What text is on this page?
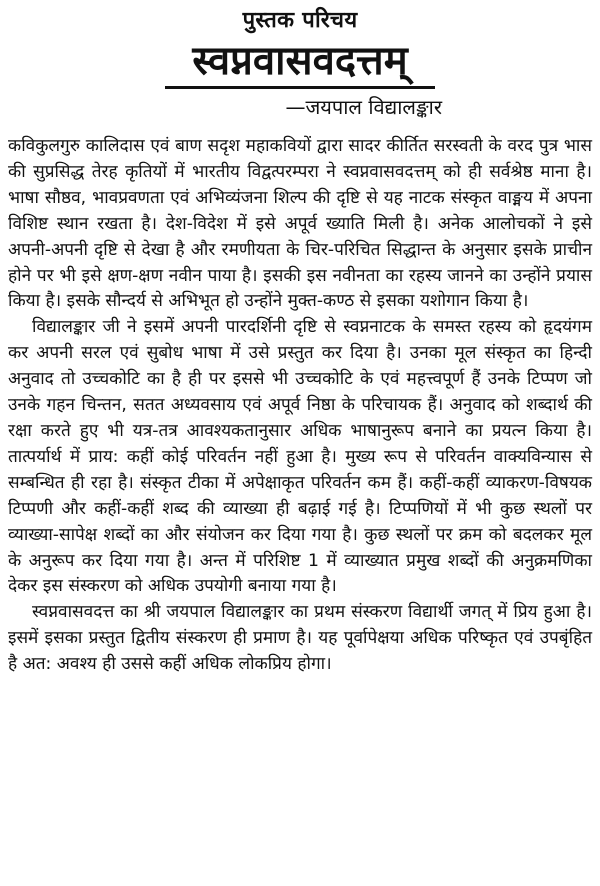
पुस्तक परिचय
स्वप्नवासवदत्तम्
—जयपाल विद्यालङ्कार

कविकुलगुरु कालिदास एवं बाण सदृश महाकवियों द्वारा सादर कीर्तित सरस्वती के वरद पुत्र भास की सुप्रसिद्ध तेरह कृतियों में भारतीय विद्वत्परम्परा ने स्वप्नवासवदत्तम् को ही सर्वश्रेष्ठ माना है। भाषा सौष्ठव, भावप्रवणता एवं अभिव्यंजना शिल्प की दृष्टि से यह नाटक संस्कृत वाङ्मय में अपना विशिष्ट स्थान रखता है। देश-विदेश में इसे अपूर्व ख्याति मिली है। अनेक आलोचकों ने इसे अपनी-अपनी दृष्टि से देखा है और रमणीयता के चिर-परिचित सिद्धान्त के अनुसार इसके प्राचीन होने पर भी इसे क्षण-क्षण नवीन पाया है। इसकी इस नवीनता का रहस्य जानने का उन्होंने प्रयास किया है। इसके सौन्दर्य से अभिभूत हो उन्होंने मुक्त-कण्ठ से इसका यशोगान किया है।

विद्यालङ्कार जी ने इसमें अपनी पारदर्शिनी दृष्टि से स्वप्ननाटक के समस्त रहस्य को हृदयंगम कर अपनी सरल एवं सुबोध भाषा में उसे प्रस्तुत कर दिया है। उनका मूल संस्कृत का हिन्दी अनुवाद तो उच्चकोटि का है ही पर इससे भी उच्चकोटि के एवं महत्त्वपूर्ण हैं उनके टिप्पण जो उनके गहन चिन्तन, सतत अध्यवसाय एवं अपूर्व निष्ठा के परिचायक हैं। अनुवाद को शब्दार्थ की रक्षा करते हुए भी यत्र-तत्र आवश्यकतानुसार अधिक भाषानुरूप बनाने का प्रयत्न किया है। तात्पर्यार्थ में प्राय: कहीं कोई परिवर्तन नहीं हुआ है। मुख्य रूप से परिवर्तन वाक्यविन्यास से सम्बन्धित ही रहा है। संस्कृत टीका में अपेक्षाकृत परिवर्तन कम हैं। कहीं-कहीं व्याकरण-विषयक टिप्पणी और कहीं-कहीं शब्द की व्याख्या ही बढ़ाई गई है। टिप्पणियों में भी कुछ स्थलों पर व्याख्या-सापेक्ष शब्दों का और संयोजन कर दिया गया है। कुछ स्थलों पर क्रम को बदलकर मूल के अनुरूप कर दिया गया है। अन्त में परिशिष्ट 1 में व्याख्यात प्रमुख शब्दों की अनुक्रमणिका देकर इस संस्करण को अधिक उपयोगी बनाया गया है।

स्वप्नवासवदत्त का श्री जयपाल विद्यालङ्कार का प्रथम संस्करण विद्यार्थी जगत् में प्रिय हुआ है। इसमें इसका प्रस्तुत द्वितीय संस्करण ही प्रमाण है। यह पूर्वापेक्षया अधिक परिष्कृत एवं उपबृंहित है अत: अवश्य ही उससे कहीं अधिक लोकप्रिय होगा।
